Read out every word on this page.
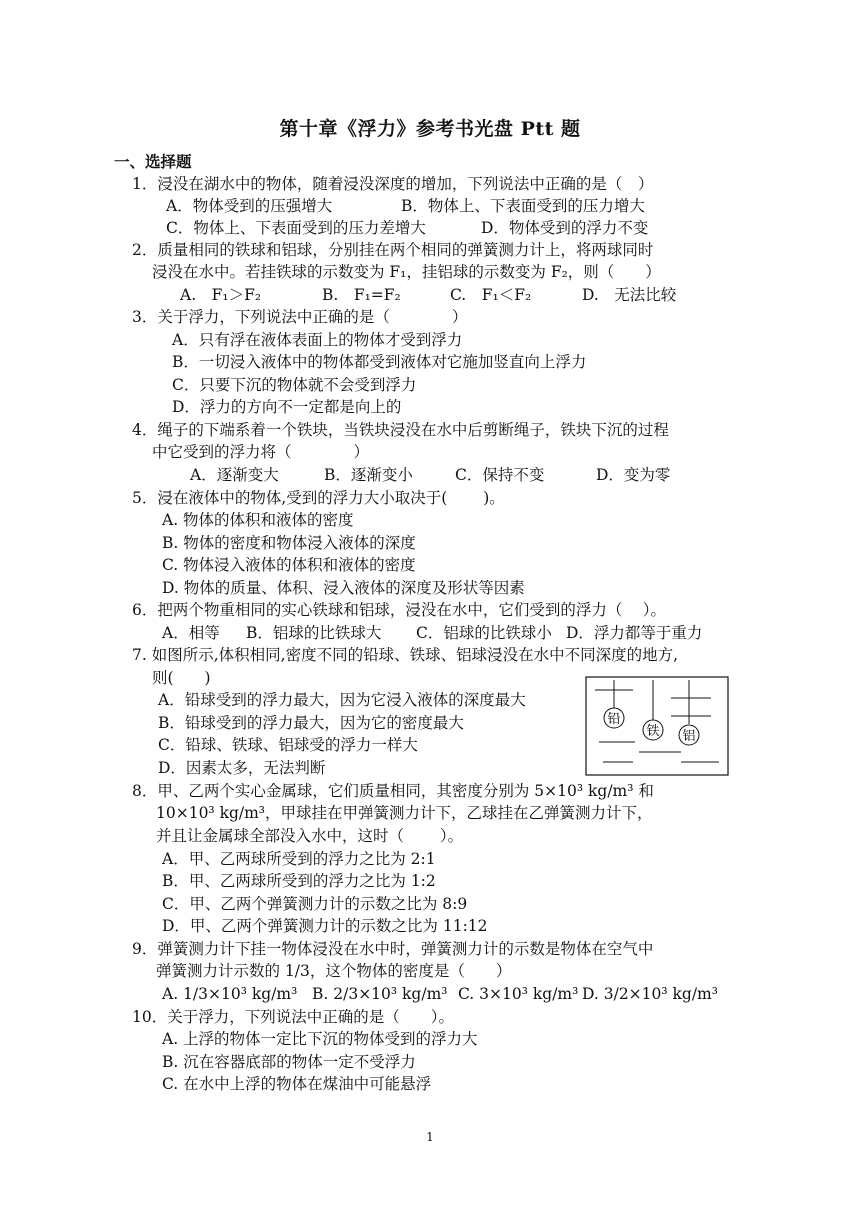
第十章《浮力》参考书光盘 Ptt 题
一、选择题
1．浸没在湖水中的物体，随着浸没深度的增加，下列说法中正确的是（　）
A．物体受到的压强增大	B．物体上、下表面受到的压力增大
C．物体上、下表面受到的压力差增大	D．物体受到的浮力不变
2．质量相同的铁球和铝球，分别挂在两个相同的弹簧测力计上，将两球同时
浸没在水中。若挂铁球的示数变为 F₁，挂铝球的示数变为 F₂，则（　　）
A.　F₁＞F₂	B.　F₁=F₂	C.　F₁＜F₂	D.　无法比较
3．关于浮力，下列说法中正确的是（　　　　）
A．只有浮在液体表面上的物体才受到浮力
B．一切浸入液体中的物体都受到液体对它施加竖直向上浮力
C．只要下沉的物体就不会受到浮力
D．浮力的方向不一定都是向上的
4．绳子的下端系着一个铁块，当铁块浸没在水中后剪断绳子，铁块下沉的过程
中它受到的浮力将（　　　　）
A．逐渐变大	B．逐渐变小	C．保持不变	D．变为零
5．浸在液体中的物体,受到的浮力大小取决于(　　 )。
A. 物体的体积和液体的密度
B. 物体的密度和物体浸入液体的深度
C. 物体浸入液体的体积和液体的密度
D. 物体的质量、体积、浸入液体的深度及形状等因素
6．把两个物重相同的实心铁球和铝球，浸没在水中，它们受到的浮力（　 ）。
A．相等 B．铝球的比铁球大 C．铝球的比铁球小 D．浮力都等于重力
7. 如图所示,体积相同,密度不同的铅球、铁球、铝球浸没在水中不同深度的地方,
则(　　)
A．铅球受到的浮力最大，因为它浸入液体的深度最大
B．铅球受到的浮力最大，因为它的密度最大
C．铅球、铁球、铝球受的浮力一样大
D．因素太多，无法判断
铅
铁 铝
8．甲、乙两个实心金属球，它们质量相同，其密度分别为 5×10³ kg/m³ 和
10×10³ kg/m³，甲球挂在甲弹簧测力计下，乙球挂在乙弹簧测力计下，
并且让金属球全部没入水中，这时（　　 ）。
A．甲、乙两球所受到的浮力之比为 2:1
B．甲、乙两球所受到的浮力之比为 1:2
C．甲、乙两个弹簧测力计的示数之比为 8:9
D．甲、乙两个弹簧测力计的示数之比为 11:12
9．弹簧测力计下挂一物体浸没在水中时，弹簧测力计的示数是物体在空气中
弹簧测力计示数的 1/3，这个物体的密度是（　　）
A. 1/3×10³ kg/m³ B. 2/3×10³ kg/m³ C. 3×10³ kg/m³ D. 3/2×10³ kg/m³
10．关于浮力，下列说法中正确的是（　　）。
A. 上浮的物体一定比下沉的物体受到的浮力大
B. 沉在容器底部的物体一定不受浮力
C. 在水中上浮的物体在煤油中可能悬浮
1
